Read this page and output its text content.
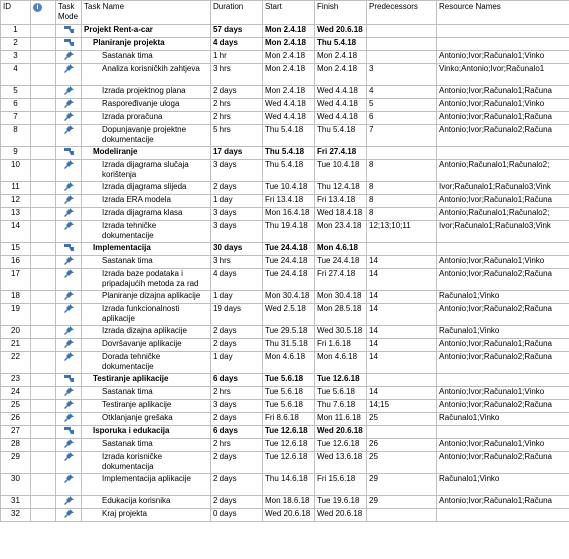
ID	i	Task Mode	Task Name	Duration	Start	Finish	Predecessors	Resource Names
1			Projekt Rent-a-car	57 days	Mon 2.4.18	Wed 20.6.18		
2			Planiranje projekta	4 days	Mon 2.4.18	Thu 5.4.18		
3			Sastanak tima	1 hr	Mon 2.4.18	Mon 2.4.18		Antonio;Ivor;Računalo1;Vinko
4			Analiza korisničkih zahtjeva	3 hrs	Mon 2.4.18	Mon 2.4.18	3	Vinko;Antonio;Ivor;Računalo1
5			Izrada projektnog plana	2 days	Mon 2.4.18	Wed 4.4.18	4	Antonio;Ivor;Računalo1;Računa
6			Raspoređivanje uloga	2 hrs	Wed 4.4.18	Wed 4.4.18	5	Antonio;Ivor;Računalo1;Vinko
7			Izrada proračuna	2 hrs	Wed 4.4.18	Wed 4.4.18	6	Antonio;Ivor;Računalo1;Računa
8			Dopunjavanje projektne dokumentacije	5 hrs	Thu 5.4.18	Thu 5.4.18	7	Antonio;Ivor;Računalo2;Računa
9			Modeliranje	17 days	Thu 5.4.18	Fri 27.4.18		
10			Izrada dijagrama slučaja korištenja	3 days	Thu 5.4.18	Tue 10.4.18	8	Antonio;Računalo1;Računalo2;
11			Izrada dijagrama slijeda	2 days	Tue 10.4.18	Thu 12.4.18	8	Ivor;Računalo1;Računalo3;Vink
12			Izrada ERA modela	1 day	Fri 13.4.18	Fri 13.4.18	8	Antonio;Ivor;Računalo1;Računa
13			Izrada dijagrama klasa	3 days	Mon 16.4.18	Wed 18.4.18	8	Antonio;Računalo1;Računalo2;
14			Izrada tehničke dokumentacije	3 days	Thu 19.4.18	Mon 23.4.18	12;13;10;11	Ivor;Računalo1;Računalo3;Vink
15			Implementacija	30 days	Tue 24.4.18	Mon 4.6.18		
16			Sastanak tima	3 hrs	Tue 24.4.18	Tue 24.4.18	14	Antonio;Ivor;Računalo1;Vinko
17			Izrada baze podataka i pripadajućih metoda za rad	4 days	Tue 24.4.18	Fri 27.4.18	14	Antonio;Ivor;Računalo2;Računa
18			Planiranje dizajna aplikacije	1 day	Mon 30.4.18	Mon 30.4.18	14	Računalo1;Vinko
19			Izrada funkcionalnosti aplikacije	19 days	Wed 2.5.18	Mon 28.5.18	14	Antonio;Ivor;Računalo2;Računa
20			Izrada dizajna aplikacije	2 days	Tue 29.5.18	Wed 30.5.18	14	Računalo1;Vinko
21			Dovršavanje aplikacije	2 days	Thu 31.5.18	Fri 1.6.18	14	Antonio;Ivor;Računalo1;Računa
22			Dorada tehničke dokumentacije	1 day	Mon 4.6.18	Mon 4.6.18	14	Antonio;Ivor;Računalo2;Računa
23			Testiranje aplikacije	6 days	Tue 5.6.18	Tue 12.6.18		
24			Sastanak tima	2 hrs	Tue 5.6.18	Tue 5.6.18	14	Antonio;Ivor;Računalo1;Vinko
25			Testiranje aplikacije	3 days	Tue 5.6.18	Thu 7.6.18	14;15	Antonio;Ivor;Računalo2;Računa
26			Otklanjanje grešaka	2 days	Fri 8.6.18	Mon 11.6.18	25	Računalo1;Vinko
27			Isporuka i edukacija	6 days	Tue 12.6.18	Wed 20.6.18		
28			Sastanak tima	2 hrs	Tue 12.6.18	Tue 12.6.18	26	Antonio;Ivor;Računalo1;Vinko
29			Izrada korisničke dokumentacija	2 days	Tue 12.6.18	Wed 13.6.18	25	Antonio;Ivor;Računalo2;Računa
30			Implementacija aplikacije	2 days	Thu 14.6.18	Fri 15.6.18	29	Računalo1;Vinko
31			Edukacija korisnika	2 days	Mon 18.6.18	Tue 19.6.18	29	Antonio;Ivor;Računalo1;Računa
32			Kraj projekta	0 days	Wed 20.6.18	Wed 20.6.18		
